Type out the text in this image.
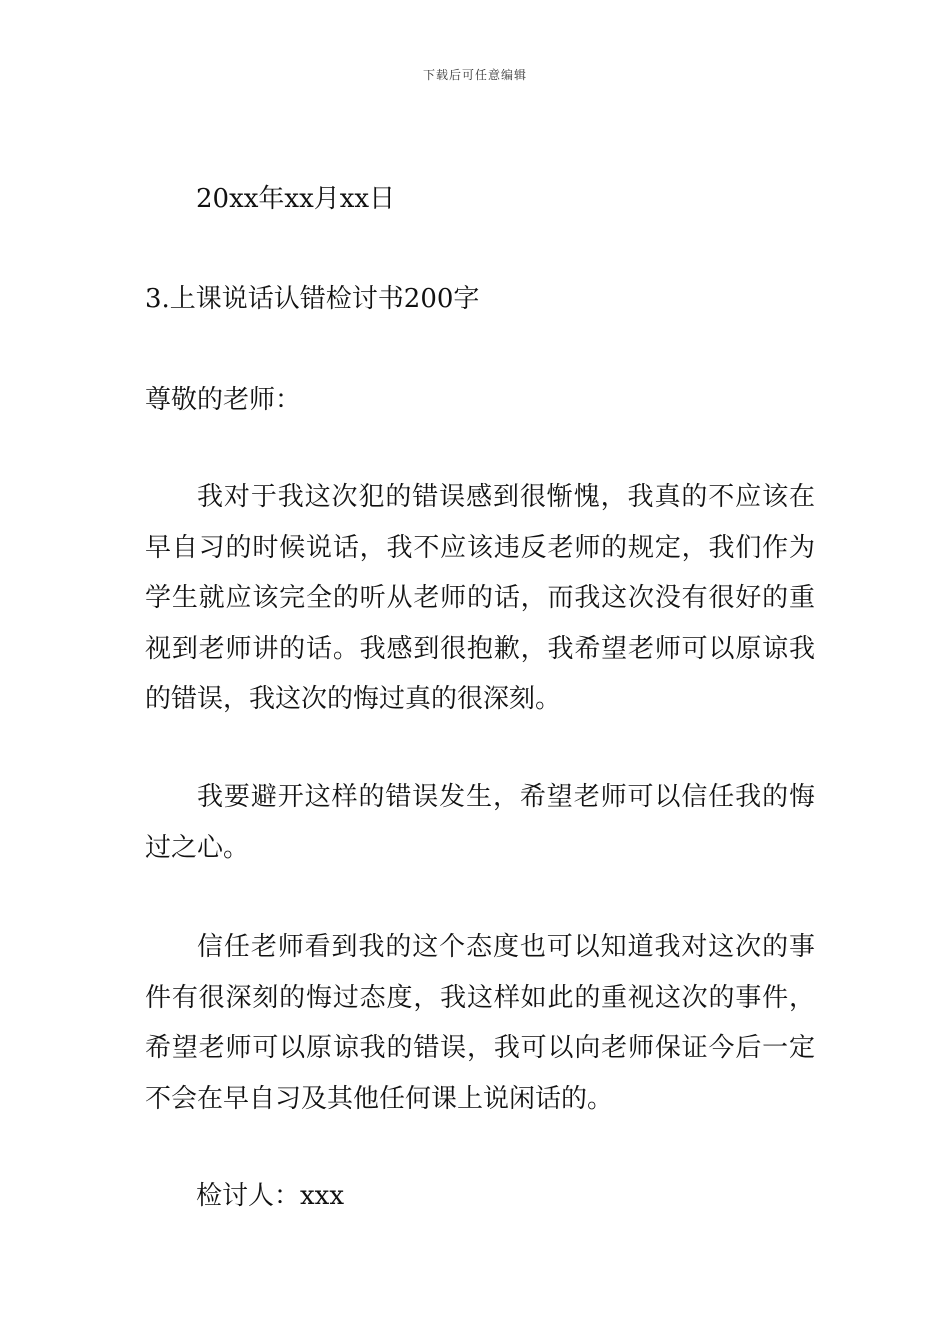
下载后可任意编辑
20xx年xx月xx日
3.上课说话认错检讨书200字
尊敬的老师：

我对于我这次犯的错误感到很惭愧，我真的不应该在早自习的时候说话，我不应该违反老师的规定，我们作为学生就应该完全的听从老师的话，而我这次没有很好的重视到老师讲的话。我感到很抱歉，我希望老师可以原谅我的错误，我这次的悔过真的很深刻。

我要避开这样的错误发生，希望老师可以信任我的悔过之心。

信任老师看到我的这个态度也可以知道我对这次的事件有很深刻的悔过态度，我这样如此的重视这次的事件，希望老师可以原谅我的错误，我可以向老师保证今后一定不会在早自习及其他任何课上说闲话的。

检讨人：xxx
